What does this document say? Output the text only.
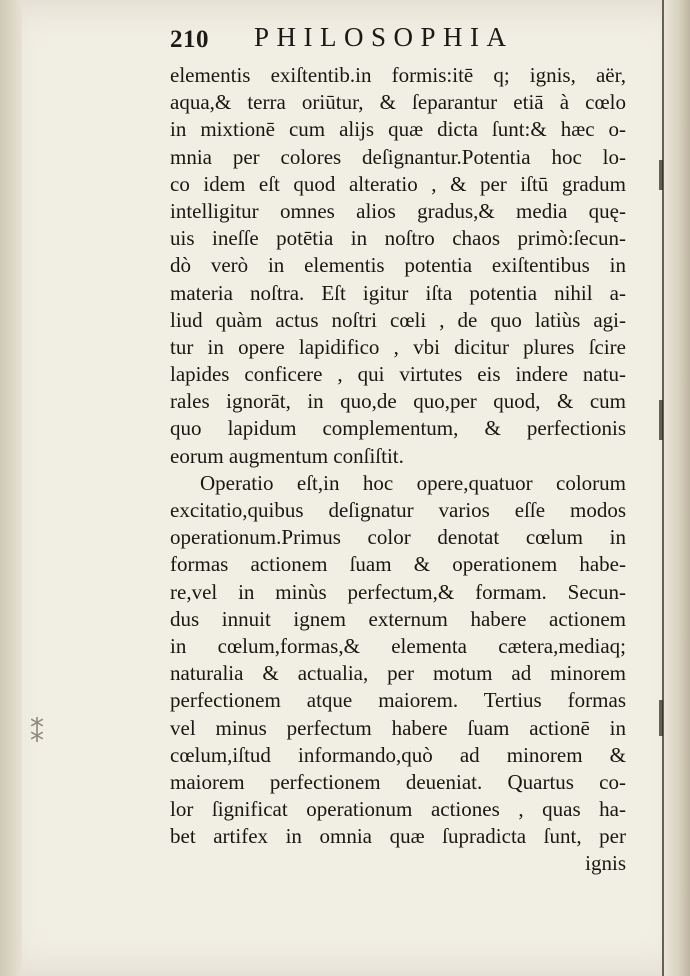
210 PHILOSOPHIA
⁑
elementis exiſtentib.in formis:itē q; ignis, aër,
aqua,& terra oriūtur, & ſeparantur etiā à cœlo
in mixtionē cum alijs quæ dicta ſunt:& hæc o-
mnia per colores deſignantur.Potentia hoc lo-
co idem eſt quod alteratio , & per iſtū gradum
intelligitur omnes alios gradus,& media quę-
uis ineſſe potētia in noſtro chaos primò:ſecun-
dò verò in elementis potentia exiſtentibus in
materia noſtra. Eſt igitur iſta potentia nihil a-
liud quàm actus noſtri cœli , de quo latiùs agi-
tur in opere lapidifico , vbi dicitur plures ſcire
lapides conficere , qui virtutes eis indere natu-
rales ignorāt, in quo,de quo,per quod, & cum
quo lapidum complementum, & perfectionis
eorum augmentum conſiſtit.
Operatio eſt,in hoc opere,quatuor colorum
excitatio,quibus deſignatur varios eſſe modos
operationum.Primus color denotat cœlum in
formas actionem ſuam & operationem habe-
re,vel in minùs perfectum,& formam. Secun-
dus innuit ignem externum habere actionem
in cœlum,formas,& elementa cætera,mediaq;
naturalia & actualia, per motum ad minorem
perfectionem atque maiorem. Tertius formas
vel minus perfectum habere ſuam actionē in
cœlum,iſtud informando,quò ad minorem &
maiorem perfectionem deueniat. Quartus co-
lor ſignificat operationum actiones , quas ha-
bet artifex in omnia quæ ſupradicta ſunt, per
ignis
